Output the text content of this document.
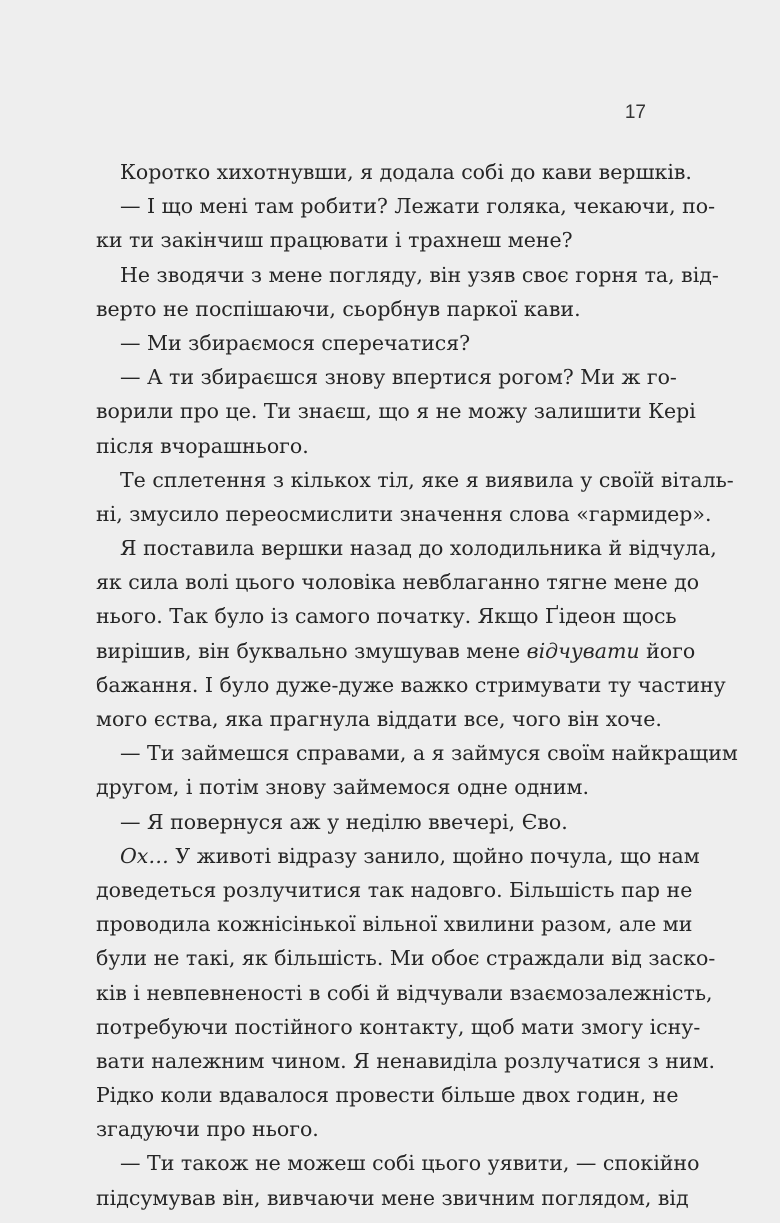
17
Коротко хихотнувши, я додала собі до кави вершків.
— І що мені там робити? Лежати голяка, чекаючи, по-
ки ти закінчиш працювати і трахнеш мене?
Не зводячи з мене погляду, він узяв своє горня та, від-
верто не поспішаючи, сьорбнув паркої кави.
— Ми збираємося сперечатися?
— А ти збираєшся знову впертися рогом? Ми ж го-
ворили про це. Ти знаєш, що я не можу залишити Кері
після вчорашнього.
Те сплетення з кількох тіл, яке я виявила у своїй віталь-
ні, змусило переосмислити значення слова «гармидер».
Я поставила вершки назад до холодильника й відчула,
як сила волі цього чоловіка невблаганно тягне мене до
нього. Так було із самого початку. Якщо Ґідеон щось
вирішив, він буквально змушував мене відчувати його
бажання. І було дуже-дуже важко стримувати ту частину
мого єства, яка прагнула віддати все, чого він хоче.
— Ти займешся справами, а я займуся своїм найкращим
другом, і потім знову займемося одне одним.
— Я повернуся аж у неділю ввечері, Єво.
Ох… У животі відразу занило, щойно почула, що нам
доведеться розлучитися так надовго. Більшість пар не
проводила кожнісінької вільної хвилини разом, але ми
були не такі, як більшість. Ми обоє страждали від заско-
ків і невпевненості в собі й відчували взаємозалежність,
потребуючи постійного контакту, щоб мати змогу існу-
вати належним чином. Я ненавиділа розлучатися з ним.
Рідко коли вдавалося провести більше двох годин, не
згадуючи про нього.
— Ти також не можеш собі цього уявити, — спокійно
підсумував він, вивчаючи мене звичним поглядом, від
